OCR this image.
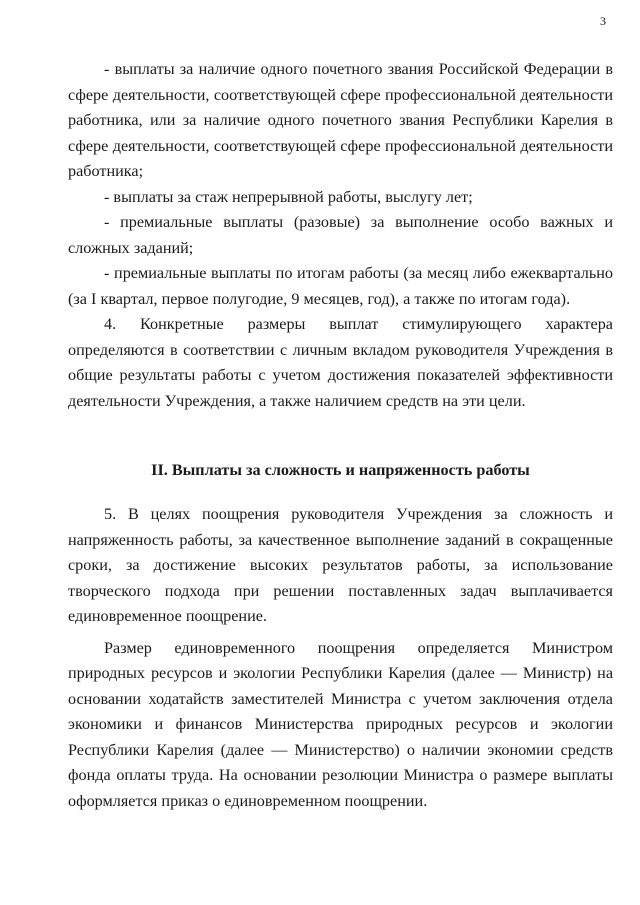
3

- выплаты за наличие одного почетного звания Российской Федерации в сфере деятельности, соответствующей сфере профессиональной деятельности работника, или за наличие одного почетного звания Республики Карелия в сфере деятельности, соответствующей сфере профессиональной деятельности работника;

- выплаты за стаж непрерывной работы, выслугу лет;

- премиальные выплаты (разовые) за выполнение особо важных и сложных заданий;

- премиальные выплаты по итогам работы (за месяц либо ежеквартально (за I квартал, первое полугодие, 9 месяцев, год), а также по итогам года).

4. Конкретные размеры выплат стимулирующего характера определяются в соответствии с личным вкладом руководителя Учреждения в общие результаты работы с учетом достижения показателей эффективности деятельности Учреждения, а также наличием средств на эти цели.

II. Выплаты за сложность и напряженность работы

5. В целях поощрения руководителя Учреждения за сложность и напряженность работы, за качественное выполнение заданий в сокращенные сроки, за достижение высоких результатов работы, за использование творческого подхода при решении поставленных задач выплачивается единовременное поощрение.

Размер единовременного поощрения определяется Министром природных ресурсов и экологии Республики Карелия (далее — Министр) на основании ходатайств заместителей Министра с учетом заключения отдела экономики и финансов Министерства природных ресурсов и экологии Республики Карелия (далее — Министерство) о наличии экономии средств фонда оплаты труда. На основании резолюции Министра о размере выплаты оформляется приказ о единовременном поощрении.
